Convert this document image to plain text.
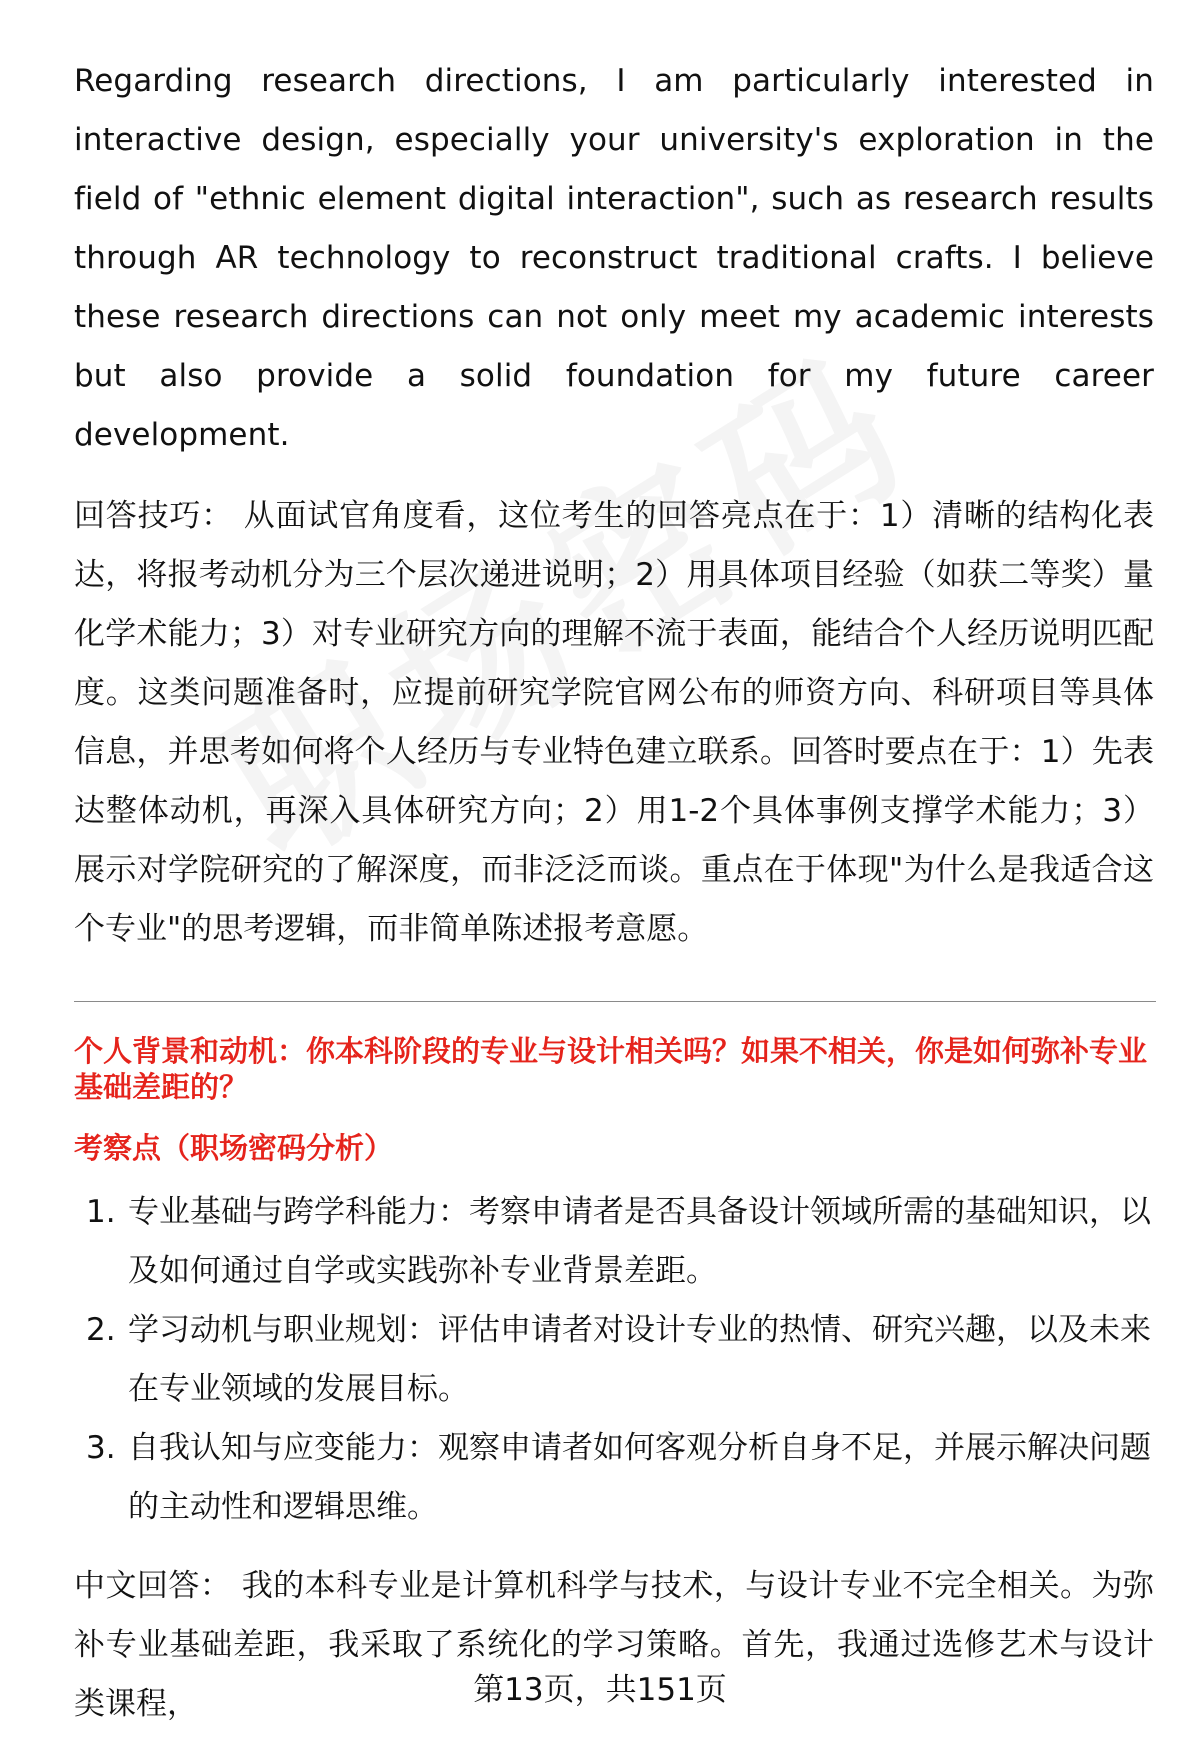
Regarding research directions, I am particularly interested in interactive design, especially your university's exploration in the field of "ethnic element digital interaction", such as research results through AR technology to reconstruct traditional crafts. I believe these research directions can not only meet my academic interests but also provide a solid foundation for my future career development.

回答技巧： 从面试官角度看，这位考生的回答亮点在于：1）清晰的结构化表达，将报考动机分为三个层次递进说明；2）用具体项目经验（如获二等奖）量化学术能力；3）对专业研究方向的理解不流于表面，能结合个人经历说明匹配度。这类问题准备时，应提前研究学院官网公布的师资方向、科研项目等具体信息，并思考如何将个人经历与专业特色建立联系。回答时要点在于：1）先表达整体动机，再深入具体研究方向；2）用1-2个具体事例支撑学术能力；3）展示对学院研究的了解深度，而非泛泛而谈。重点在于体现"为什么是我适合这个专业"的思考逻辑，而非简单陈述报考意愿。

个人背景和动机：你本科阶段的专业与设计相关吗？如果不相关，你是如何弥补专业基础差距的？

考察点（职场密码分析）

1. 专业基础与跨学科能力：考察申请者是否具备设计领域所需的基础知识，以及如何通过自学或实践弥补专业背景差距。
2. 学习动机与职业规划：评估申请者对设计专业的热情、研究兴趣，以及未来在专业领域的发展目标。
3. 自我认知与应变能力：观察申请者如何客观分析自身不足，并展示解决问题的主动性和逻辑思维。

中文回答： 我的本科专业是计算机科学与技术，与设计专业不完全相关。为弥补专业基础差距，我采取了系统化的学习策略。首先，我通过选修艺术与设计类课程，	第13页，共151页
